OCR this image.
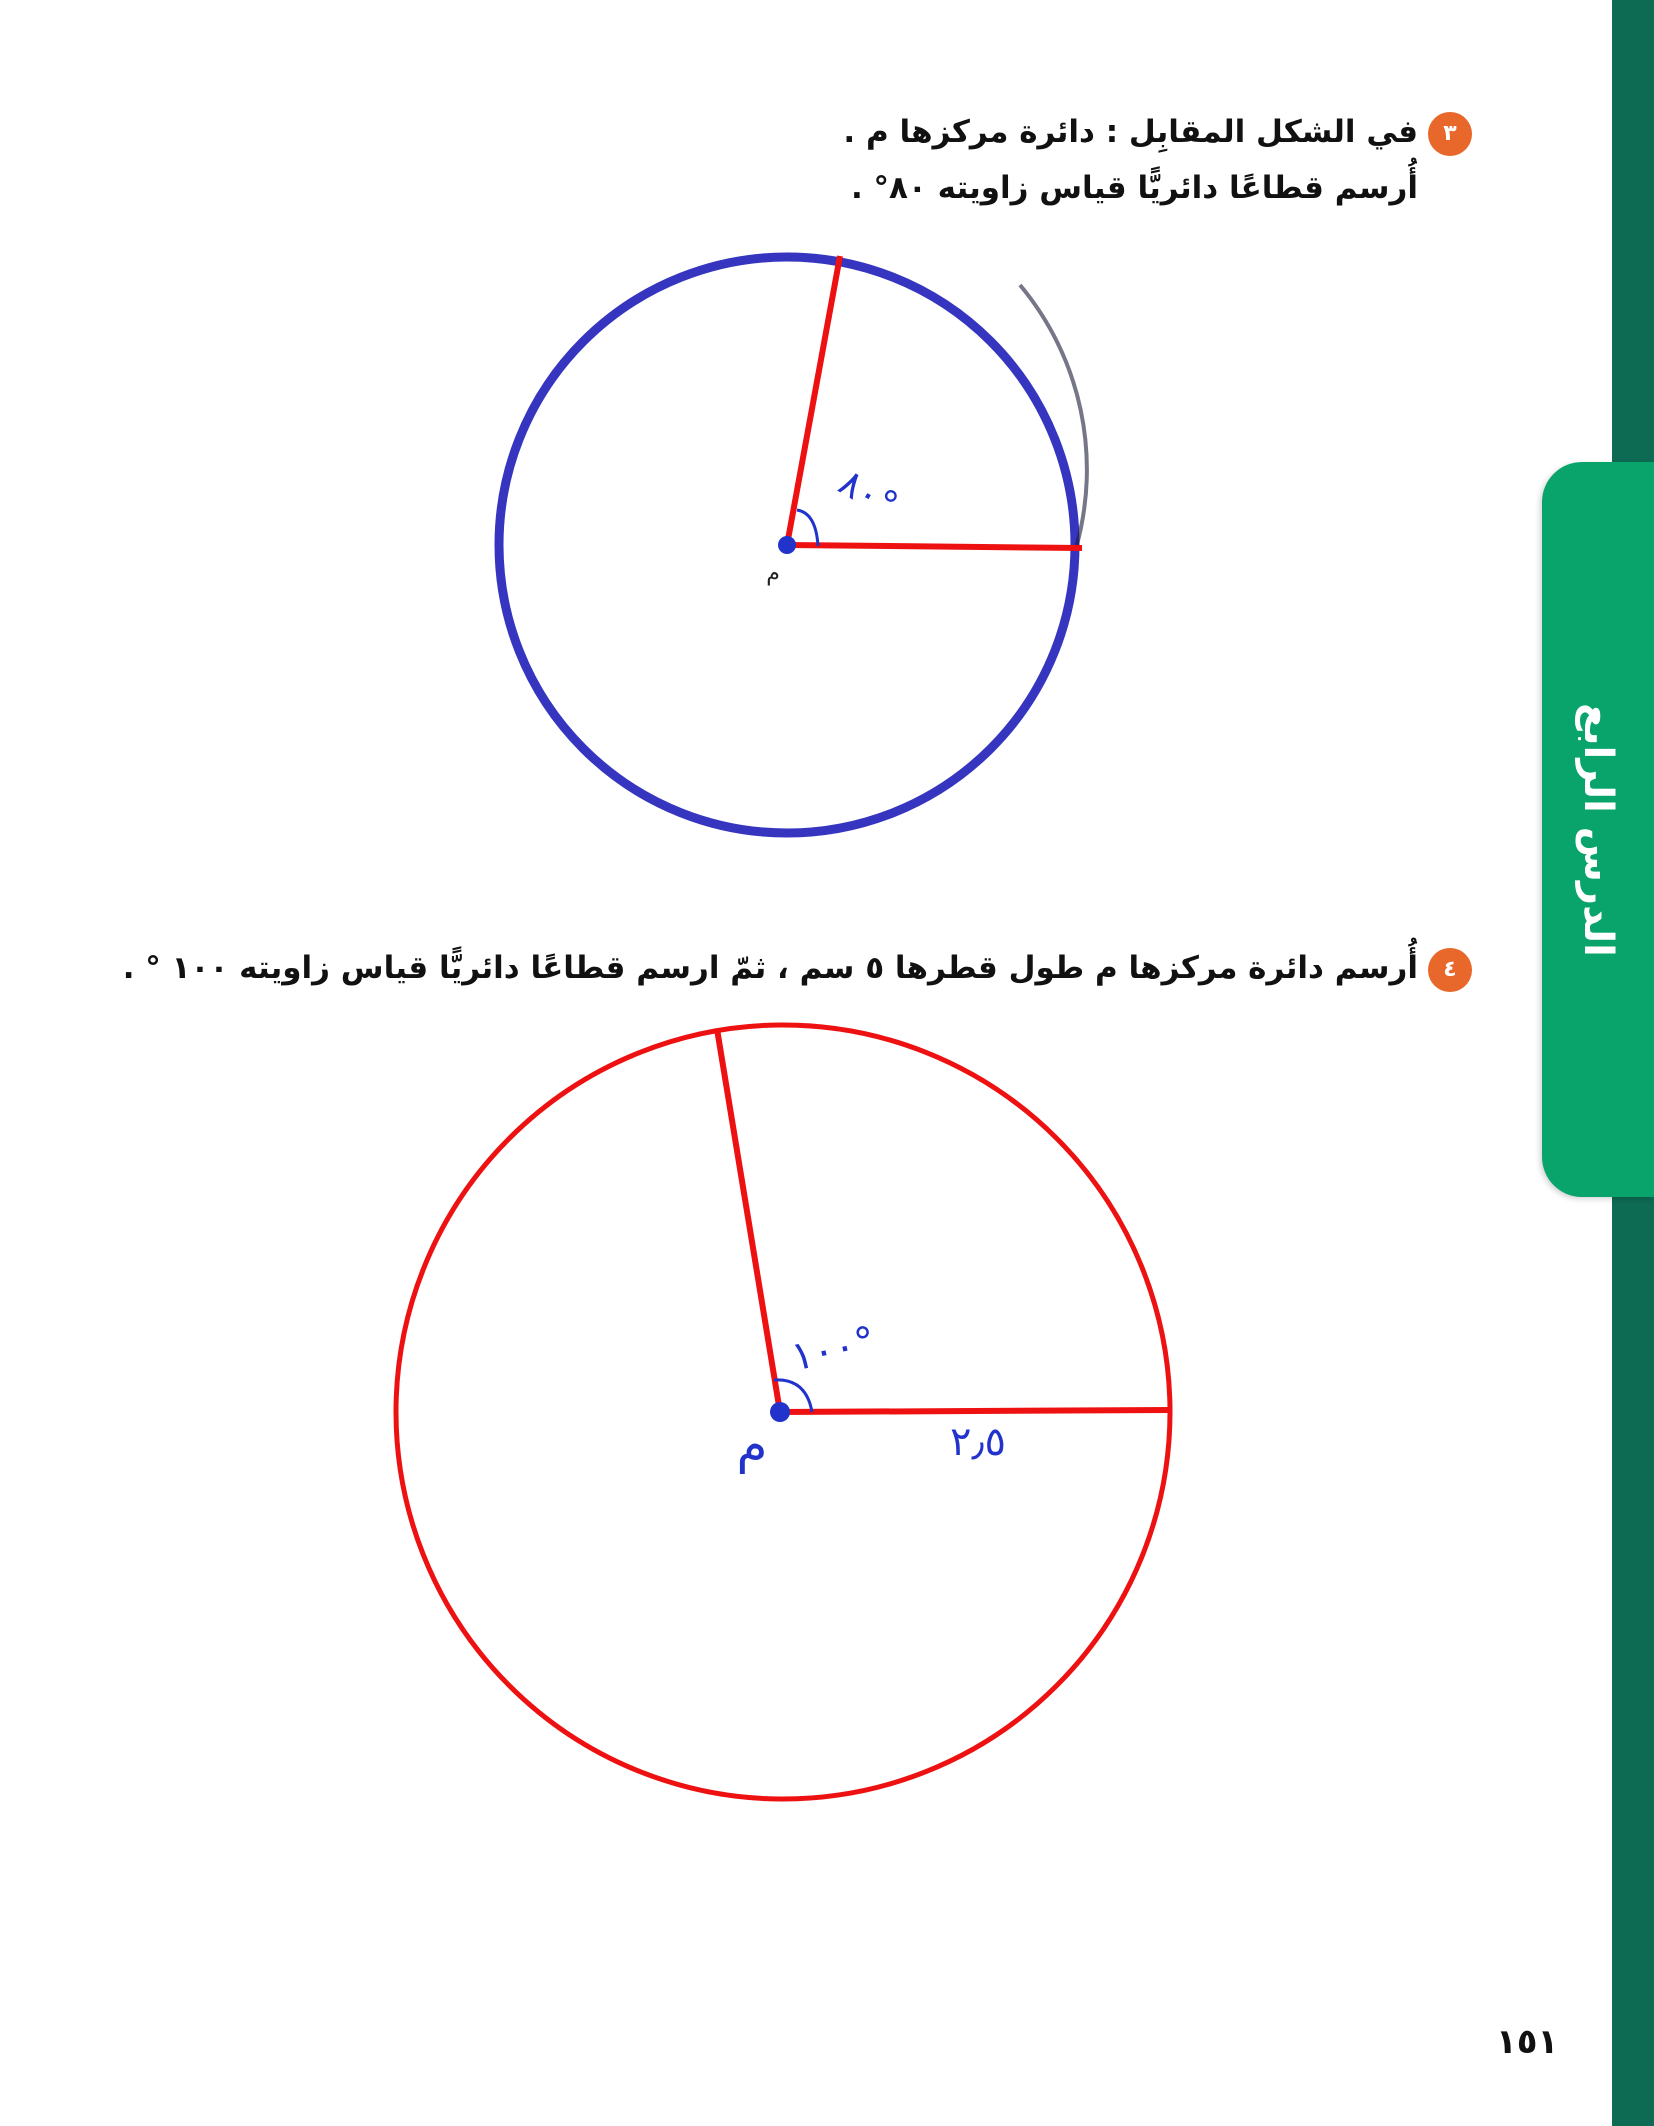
الدرس الرابع
٣
في الشكل المقابِل : دائرة مركزها م .
أُرسم قطاعًا دائريًّا قياس زاويته ٨٠° .
٤
أُرسم دائرة مركزها م طول قطرها ٥ سم ، ثمّ ارسم قطاعًا دائريًّا قياس زاويته ١٠٠ ° .
م
٨٠°
م
١٠٠°
٢٫٥
١٥١
